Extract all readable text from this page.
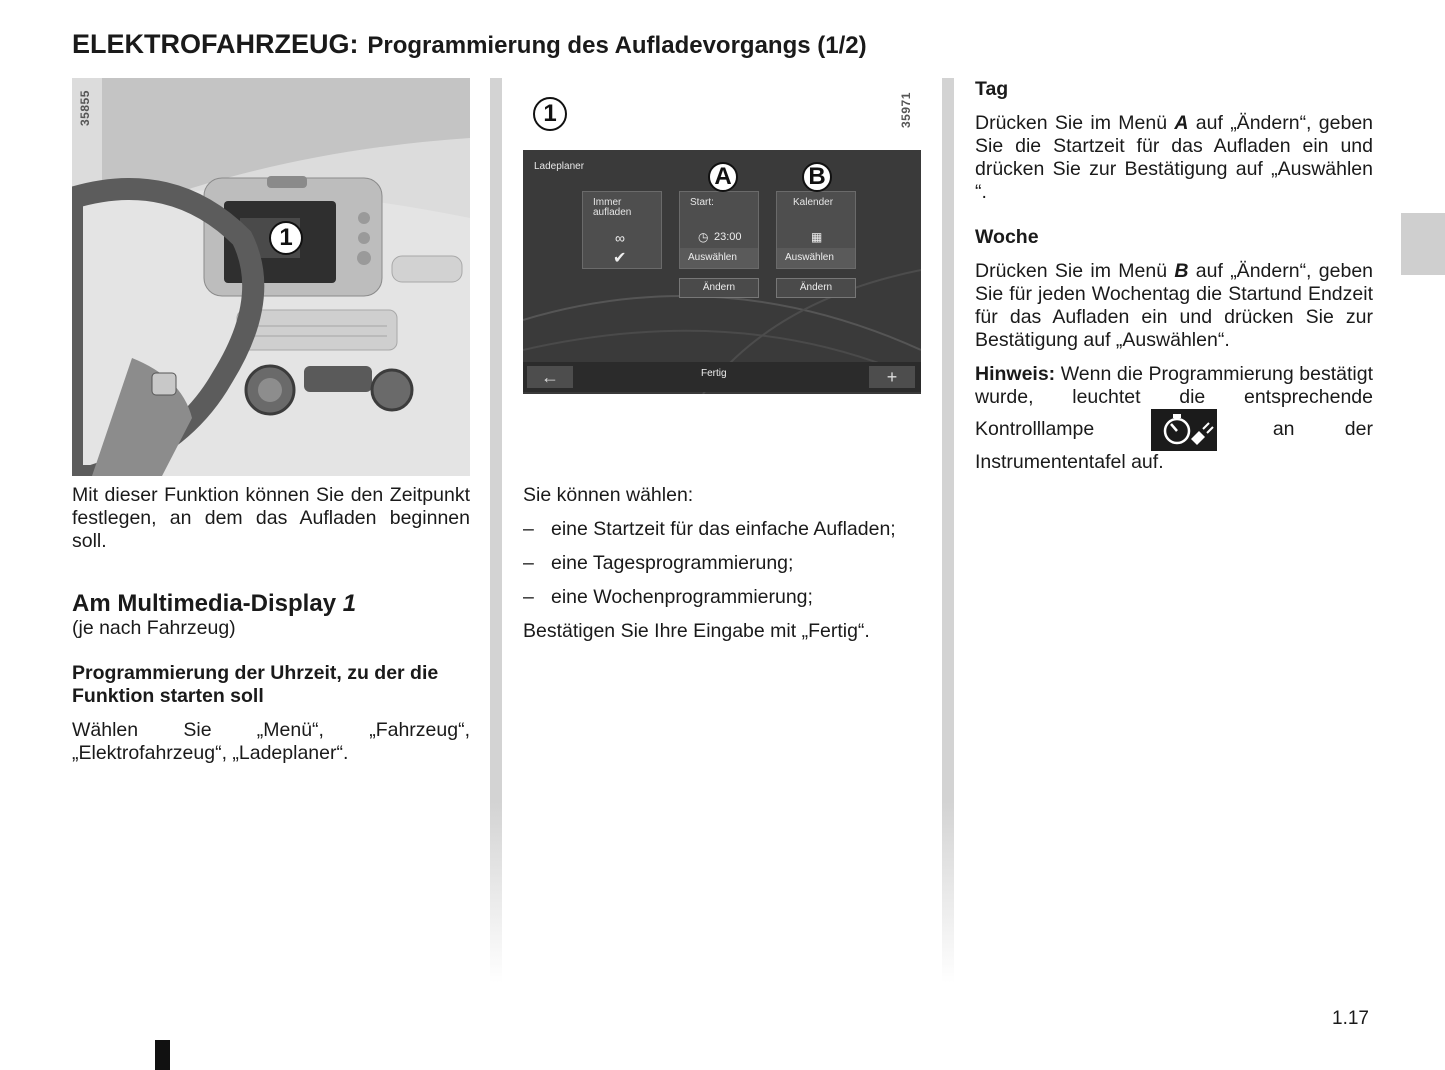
ELEKTROFAHRZEUG: Programmierung des Aufladevorgangs (1/2)
35855
1

Mit dieser Funktion können Sie den Zeitpunkt festlegen, an dem das Aufladen beginnen soll.

Am Multimedia-Display 1

(je nach Fahrzeug)

Programmierung der Uhrzeit, zu der die Funktion starten soll

Wählen Sie „Menü“, „Fahrzeug“, „Elektrofahrzeug“, „Ladeplaner“.

1	35971
Ladeplaner
Immer aufladen
∞
✔
Start:
◷ 23:00
Auswählen
Kalender
▦
Auswählen
Ändern	Ändern
←	Fertig	+
A	B

Sie können wählen:

– eine Startzeit für das einfache Aufladen;
– eine Tagesprogrammierung;
– eine Wochenprogrammierung;

Bestätigen Sie Ihre Eingabe mit „Fertig“.

Tag

Drücken Sie im Menü A auf „Ändern“, geben Sie die Startzeit für das Aufladen ein und drücken Sie zur Bestätigung auf „Auswählen “.

Woche

Drücken Sie im Menü B auf „Ändern“, geben Sie für jeden Wochentag die Startund Endzeit für das Aufladen ein und drücken Sie zur Bestätigung auf „Auswählen“.

Hinweis: Wenn die Programmierung bestätigt wurde, leuchtet die entsprechende Kontrolllampe	an der Instrumententafel auf.

1.17
